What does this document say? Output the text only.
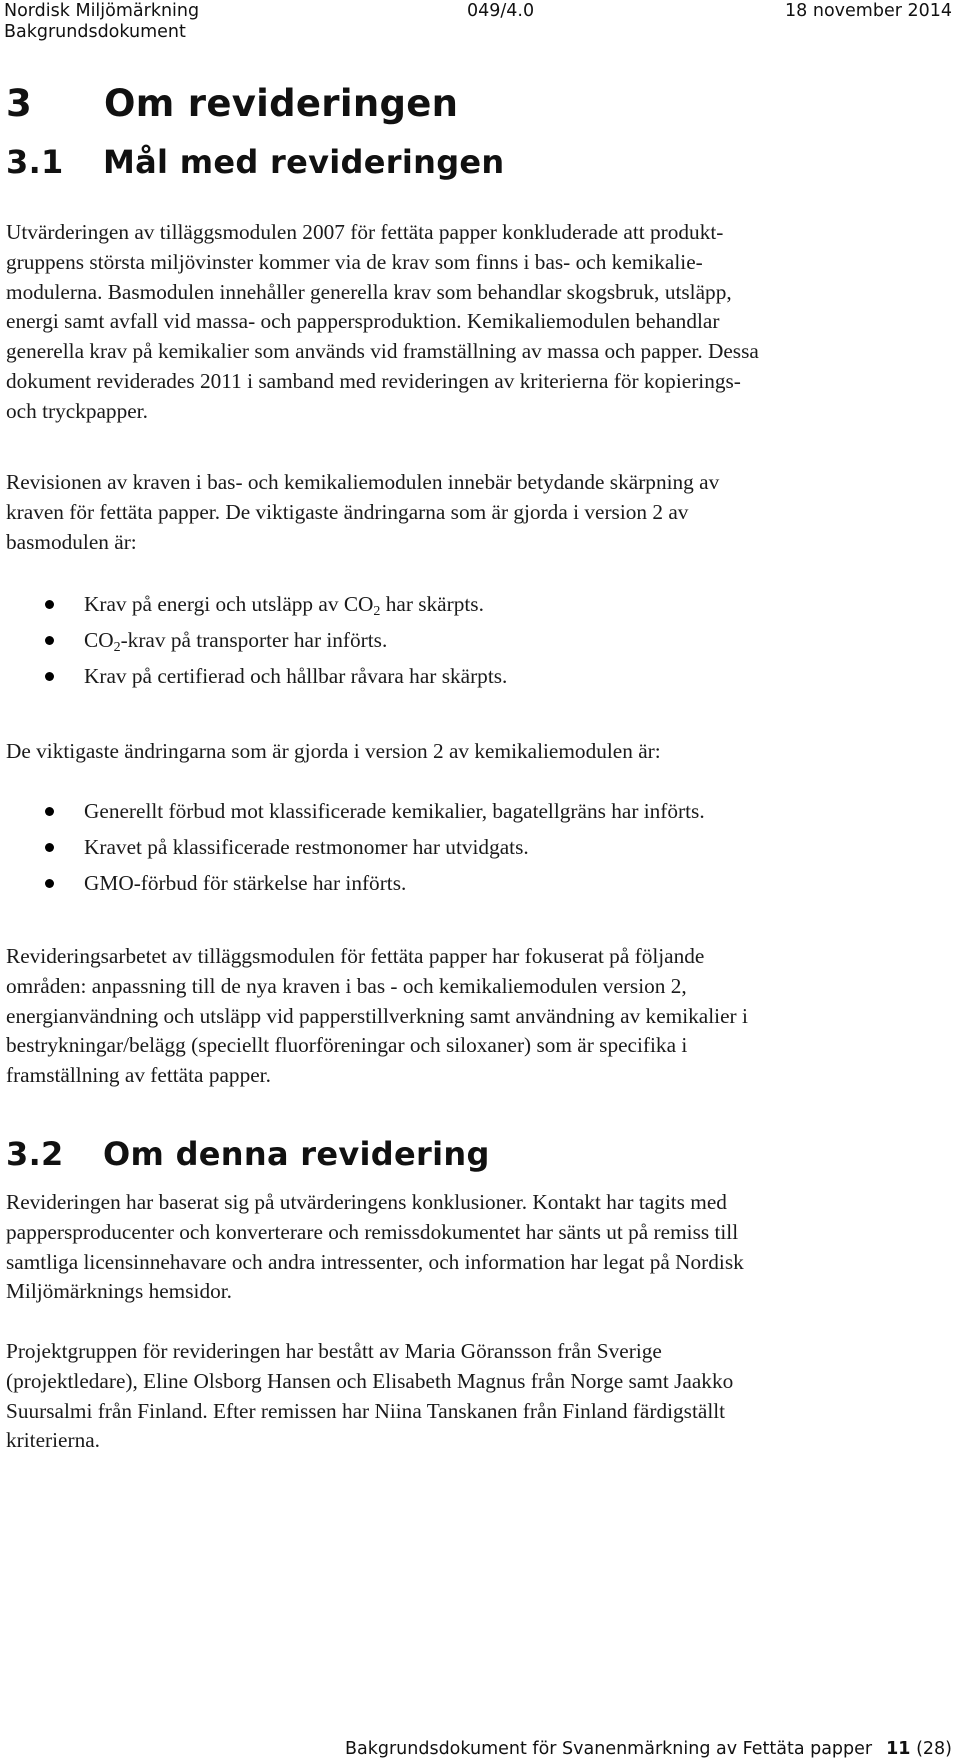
Nordisk Miljömärkning	049/4.0	18 november 2014
Bakgrundsdokument
3 Om revideringen
3.1 Mål med revideringen
Utvärderingen av tilläggsmodulen 2007 för fettäta papper konkluderade att produkt-
gruppens största miljövinster kommer via de krav som finns i bas- och kemikalie-
modulerna. Basmodulen innehåller generella krav som behandlar skogsbruk, utsläpp,
energi samt avfall vid massa- och pappersproduktion. Kemikaliemodulen behandlar
generella krav på kemikalier som används vid framställning av massa och papper. Dessa
dokument reviderades 2011 i samband med revideringen av kriterierna för kopierings-
och tryckpapper.
Revisionen av kraven i bas- och kemikaliemodulen innebär betydande skärpning av
kraven för fettäta papper. De viktigaste ändringarna som är gjorda i version 2 av
basmodulen är:
Krav på energi och utsläpp av $CO_2$ har skärpts.
$CO_2$-krav på transporter har införts.
Krav på certifierad och hållbar råvara har skärpts.
De viktigaste ändringarna som är gjorda i version 2 av kemikaliemodulen är:
Generellt förbud mot klassificerade kemikalier, bagatellgräns har införts.
Kravet på klassificerade restmonomer har utvidgats.
GMO-förbud för stärkelse har införts.
Revideringsarbetet av tilläggsmodulen för fettäta papper har fokuserat på följande
områden: anpassning till de nya kraven i bas - och kemikaliemodulen version 2,
energianvändning och utsläpp vid papperstillverkning samt användning av kemikalier i
bestrykningar/belägg (speciellt fluorföreningar och siloxaner) som är specifika i
framställning av fettäta papper.
3.2 Om denna revidering
Revideringen har baserat sig på utvärderingens konklusioner. Kontakt har tagits med
pappersproducenter och konverterare och remissdokumentet har sänts ut på remiss till
samtliga licensinnehavare och andra intressenter, och information har legat på Nordisk
Miljömärknings hemsidor.
Projektgruppen för revideringen har bestått av Maria Göransson från Sverige
(projektledare), Eline Olsborg Hansen och Elisabeth Magnus från Norge samt Jaakko
Suursalmi från Finland. Efter remissen har Niina Tanskanen från Finland färdigställt
kriterierna.
Bakgrundsdokument för Svanenmärkning av Fettäta papper 11 (28)
